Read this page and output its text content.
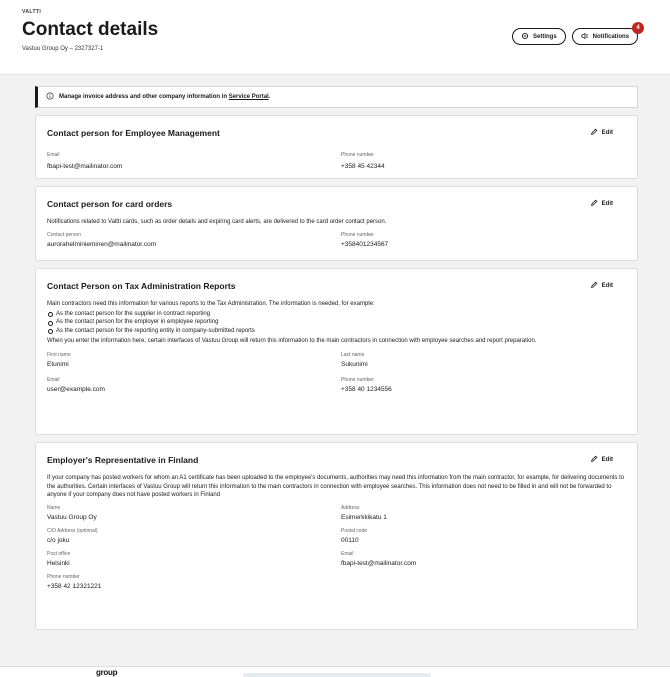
VALTTI
Contact details
Vastuu Group Oy – 2327327-1
Settings	Notifications
4
Manage invoice address and other company information in Service Portal.
Contact person for Employee Management	Edit
Email
fbapi-test@mailinator.com
Phone number
+358 45 42344
Contact person for card orders	Edit
Notifications related to Valtti cards, such as order details and expiring card alerts, are delivered to the card order contact person.
Contact person
aurorahelminieminen@mailinator.com
Phone number
+358401234567
Contact Person on Tax Administration Reports	Edit
Main contractors need this information for various reports to the Tax Administration. The information is needed, for example:
As the contact person for the supplier in contract reporting
As the contact person for the employer in employee reporting
As the contact person for the reporting entity in company-submitted reports
When you enter the information here, certain interfaces of Vastuu Group will return this information to the main contractors in connection with employee searches and report preparation.
First name
Etunimi
Last name
Sukunimi
Email
user@example.com
Phone number
+358 40 1234556
Employer's Representative in Finland	Edit
If your company has posted workers for whom an A1 certificate has been uploaded to the employee's documents, authorities may need this information from the main contractor, for example, for delivering documents to the authorities. Certain interfaces of Vastuu Group will return this information to the main contractors in connection with employee searches. This information does not need to be filled in and will not be forwarded to anyone if your company does not have posted workers in Finland
Name
Vastuu Group Oy
Address
Esimerkkikatu 1
C/O Address (optional)
c/o joku
Postal code
00110
Post office
Helsinki
Email
fbapi-test@mailinator.com
Phone number
+358 42 12321221
group
